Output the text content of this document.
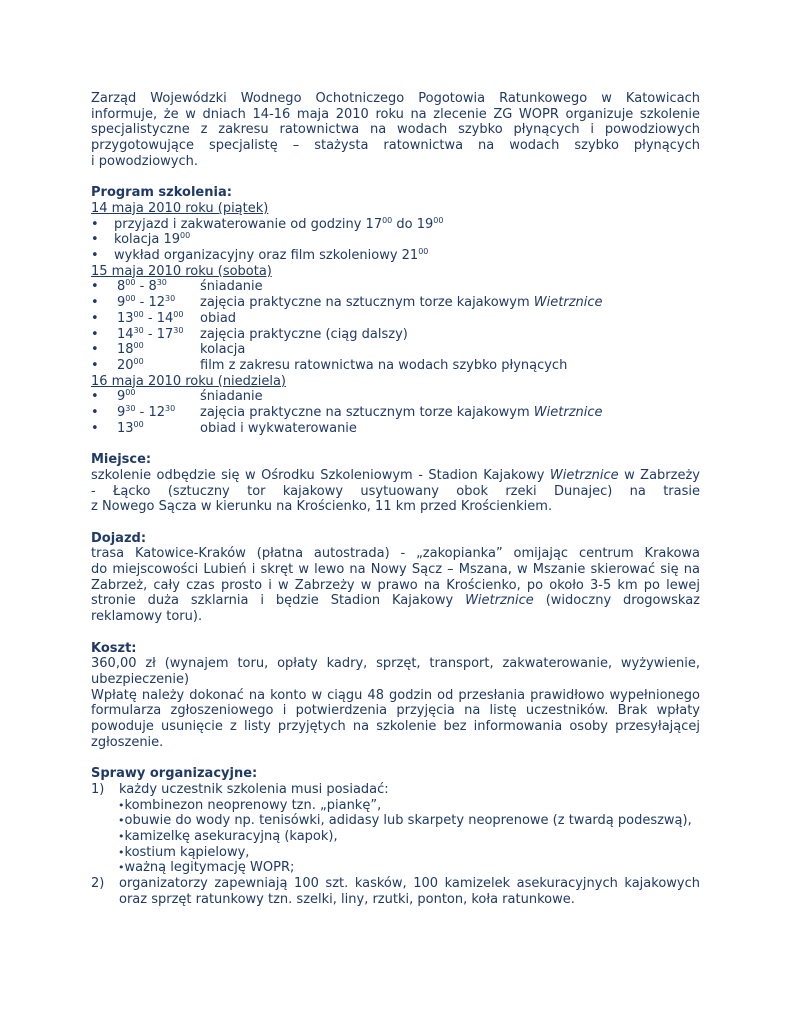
Zarząd Wojewódzki Wodnego Ochotniczego Pogotowia Ratunkowego w Katowicach

informuje, że w dniach 14-16 maja 2010 roku na zlecenie ZG WOPR organizuje szkolenie

specjalistyczne z zakresu ratownictwa na wodach szybko płynących i powodziowych

przygotowujące specjalistę – stażysta ratownictwa na wodach szybko płynących

i powodziowych.

Program szkolenia:

14 maja 2010 roku (piątek)

•	przyjazd i zakwaterowanie od godziny $17^{00}$ do $19^{00}$
•	kolacja $19^{00}$
•	wykład organizacyjny oraz film szkoleniowy $21^{00}$

15 maja 2010 roku (sobota)

•	$8^{00} - 8^{30}$	śniadanie
•	$9^{00} - 12^{30}$	zajęcia praktyczne na sztucznym torze kajakowym Wietrznice
•	$13^{00} - 14^{00}$	obiad
•	$14^{30} - 17^{30}$	zajęcia praktyczne (ciąg dalszy)
•	$18^{00}$	kolacja
•	$20^{00}$	film z zakresu ratownictwa na wodach szybko płynących

16 maja 2010 roku (niedziela)

•	$9^{00}$	śniadanie
•	$9^{30} - 12^{30}$	zajęcia praktyczne na sztucznym torze kajakowym Wietrznice
•	$13^{00}$	obiad i wykwaterowanie

Miejsce:

szkolenie odbędzie się w Ośrodku Szkoleniowym - Stadion Kajakowy Wietrznice w Zabrzeży

- Łącko (sztuczny tor kajakowy usytuowany obok rzeki Dunajec) na trasie

z Nowego Sącza w kierunku na Krościenko, 11 km przed Krościenkiem.

Dojazd:

trasa Katowice-Kraków (płatna autostrada) - „zakopianka” omijając centrum Krakowa

do miejscowości Lubień i skręt w lewo na Nowy Sącz – Mszana, w Mszanie skierować się na

Zabrzeż, cały czas prosto i w Zabrzeży w prawo na Krościenko, po około 3-5 km po lewej

stronie duża szklarnia i będzie Stadion Kajakowy Wietrznice (widoczny drogowskaz

reklamowy toru).

Koszt:

360,00 zł (wynajem toru, opłaty kadry, sprzęt, transport, zakwaterowanie, wyżywienie,

ubezpieczenie)

Wpłatę należy dokonać na konto w ciągu 48 godzin od przesłania prawidłowo wypełnionego

formularza zgłoszeniowego i potwierdzenia przyjęcia na listę uczestników. Brak wpłaty

powoduje usunięcie z listy przyjętych na szkolenie bez informowania osoby przesyłającej

zgłoszenie.

Sprawy organizacyjne:

1)	każdy uczestnik szkolenia musi posiadać:
•kombinezon neoprenowy tzn. „piankę”,
•obuwie do wody np. tenisówki, adidasy lub skarpety neoprenowe (z twardą podeszwą),
•kamizelkę asekuracyjną (kapok),
•kostium kąpielowy,
•ważną legitymację WOPR;
2)	organizatorzy zapewniają 100 szt. kasków, 100 kamizelek asekuracyjnych kajakowych

oraz sprzęt ratunkowy tzn. szelki, liny, rzutki, ponton, koła ratunkowe.
